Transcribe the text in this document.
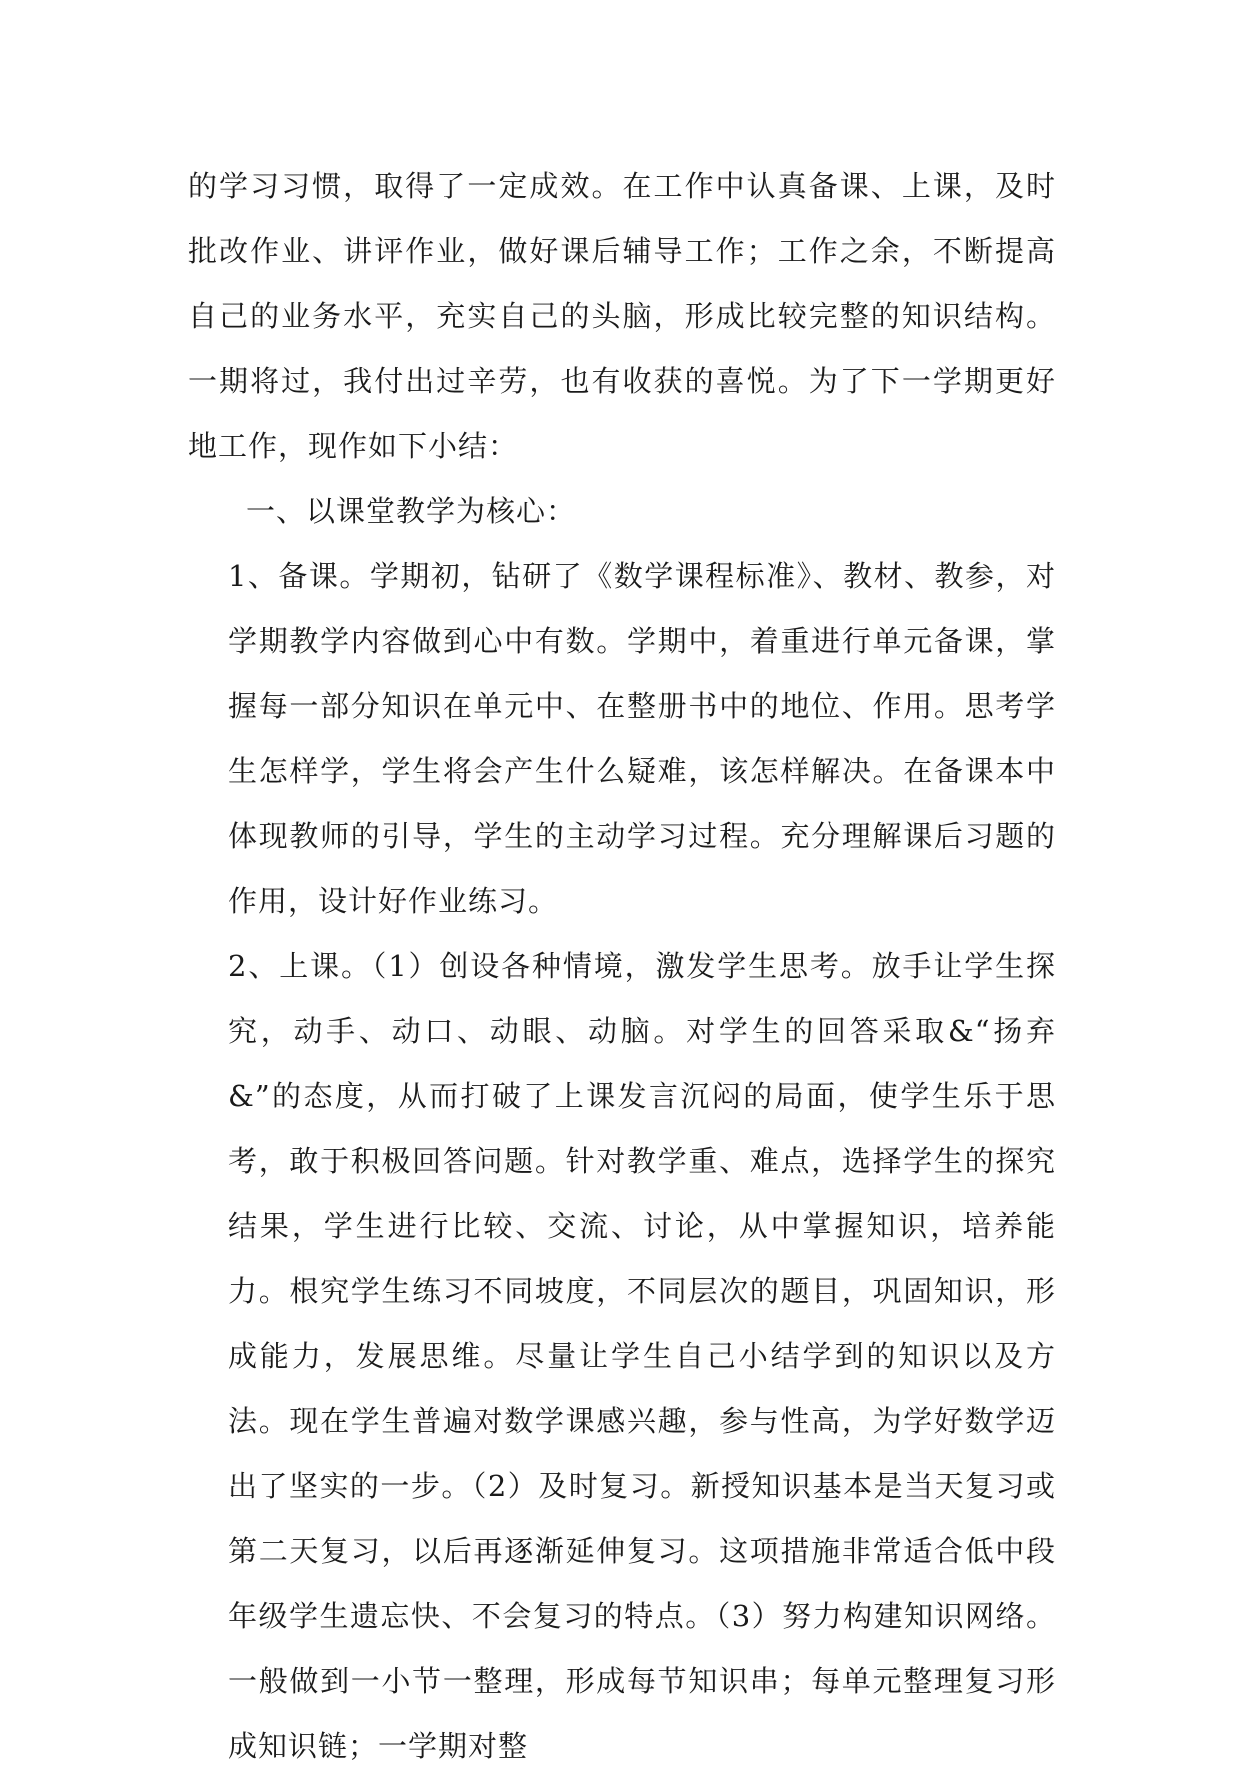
的学习习惯，取得了一定成效。在工作中认真备课、上课，及时批改作业、讲评作业，做好课后辅导工作；工作之余，不断提高自己的业务水平，充实自己的头脑，形成比较完整的知识结构。一期将过，我付出过辛劳，也有收获的喜悦。为了下一学期更好地工作，现作如下小结：

一、以课堂教学为核心：

1、备课。学期初，钻研了《数学课程标准》、教材、教参，对学期教学内容做到心中有数。学期中，着重进行单元备课，掌握每一部分知识在单元中、在整册书中的地位、作用。思考学生怎样学，学生将会产生什么疑难，该怎样解决。在备课本中体现教师的引导，学生的主动学习过程。充分理解课后习题的作用，设计好作业练习。

2、上课。（1）创设各种情境，激发学生思考。放手让学生探究，动手、动口、动眼、动脑。对学生的回答采取&“扬弃&”的态度，从而打破了上课发言沉闷的局面，使学生乐于思考，敢于积极回答问题。针对教学重、难点，选择学生的探究结果，学生进行比较、交流、讨论，从中掌握知识，培养能力。根究学生练习不同坡度，不同层次的题目，巩固知识，形成能力，发展思维。尽量让学生自己小结学到的知识以及方法。现在学生普遍对数学课感兴趣，参与性高，为学好数学迈出了坚实的一步。（2）及时复习。新授知识基本是当天复习或第二天复习，以后再逐渐延伸复习。这项措施非常适合低中段年级学生遗忘快、不会复习的特点。（3）努力构建知识网络。一般做到一小节一整理，形成每节知识串；每单元整理复习形成知识链；一学期对整
